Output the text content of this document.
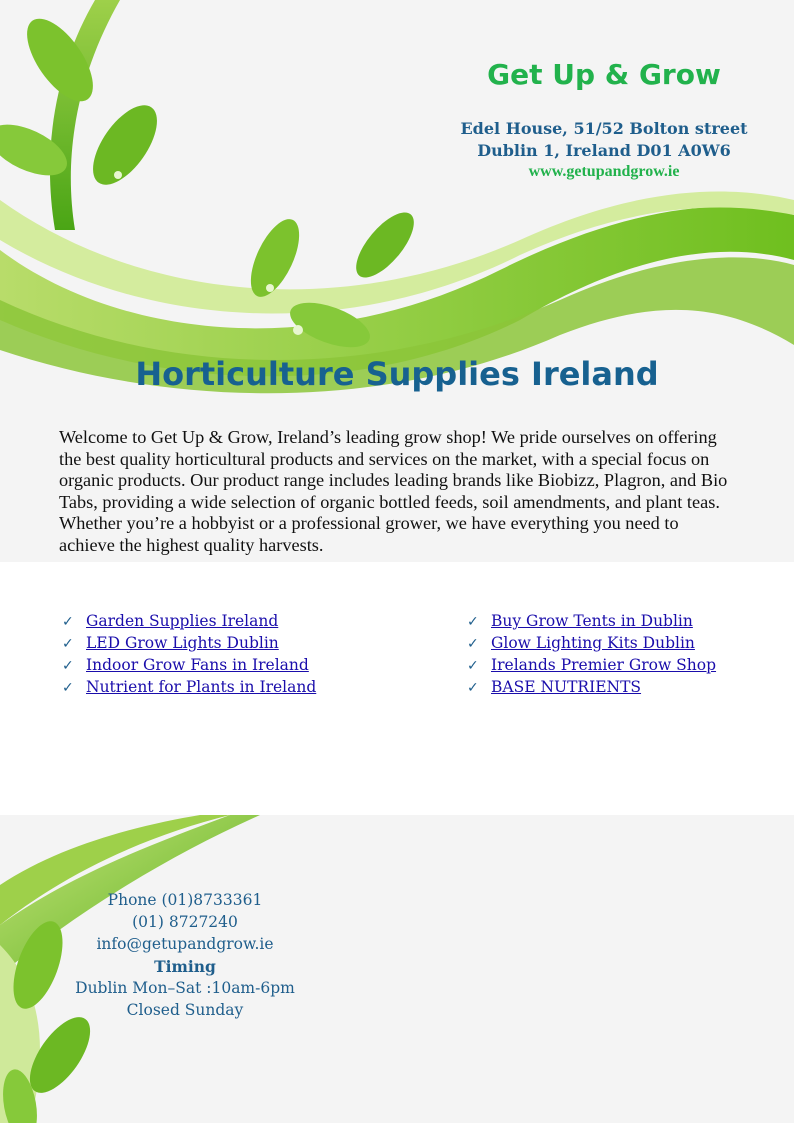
Get Up & Grow
Edel House, 51/52 Bolton street
Dublin 1, Ireland D01 A0W6
www.getupandgrow.ie
Horticulture Supplies Ireland
Welcome to Get Up & Grow, Ireland’s leading grow shop! We pride ourselves on offering the best quality horticultural products and services on the market, with a special focus on organic products. Our product range includes leading brands like Biobizz, Plagron, and Bio Tabs, providing a wide selection of organic bottled feeds, soil amendments, and plant teas. Whether you’re a hobbyist or a professional grower, we have everything you need to achieve the highest quality harvests.
✓ Garden Supplies Ireland
✓ LED Grow Lights Dublin
✓ Indoor Grow Fans in Ireland
✓ Nutrient for Plants in Ireland
✓ Buy Grow Tents in Dublin
✓ Glow Lighting Kits Dublin
✓ Irelands Premier Grow Shop
✓ BASE NUTRIENTS
Phone (01)8733361
(01) 8727240
info@getupandgrow.ie
Timing
Dublin Mon–Sat :10am-6pm
Closed Sunday
